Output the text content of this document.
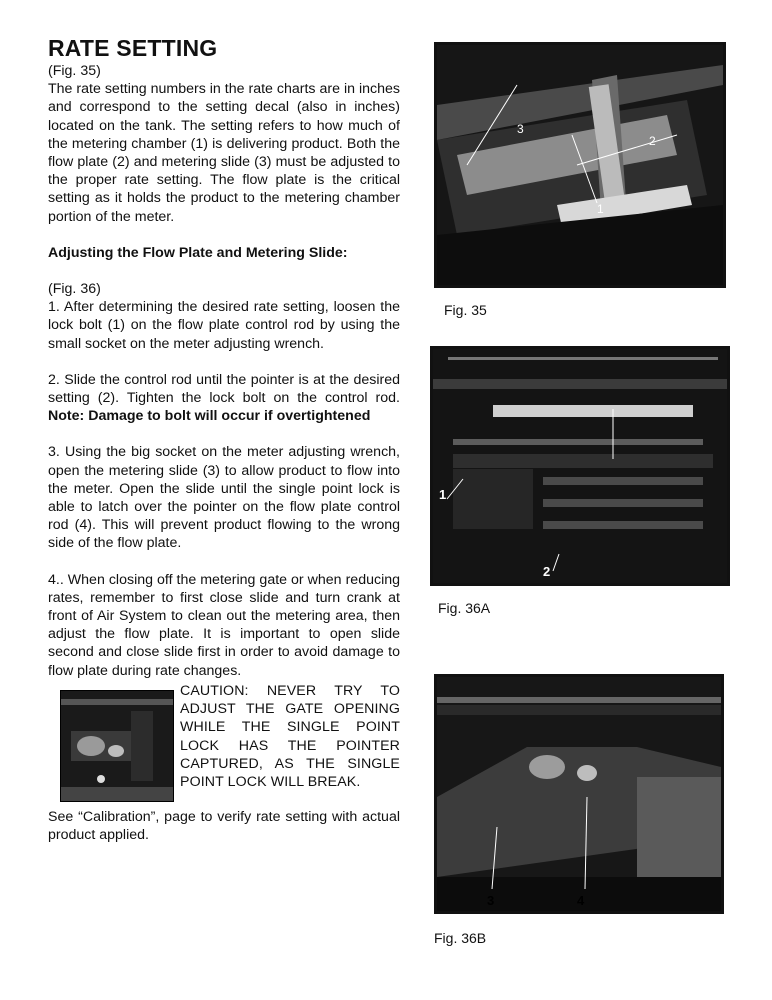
RATE SETTING

(Fig. 35)

The rate setting numbers in the rate charts are in inches and correspond to the setting decal (also in inches) located on the tank. The setting refers to how much of the metering chamber (1) is delivering product. Both the flow plate (2) and metering slide (3) must be adjusted to the proper rate setting. The flow plate is the critical setting as it holds the product to the metering chamber portion of the meter.

Adjusting the Flow Plate and Metering Slide:

(Fig. 36)

1. After determining the desired rate setting, loosen the lock bolt (1) on the flow plate control rod by using the small socket on the meter adjusting wrench.

2. Slide the control rod until the pointer is at the desired setting (2). Tighten the lock bolt on the control rod. Note: Damage to bolt will occur if overtightened

3. Using the big socket on the meter adjusting wrench, open the metering slide (3) to allow product to flow into the meter. Open the slide until the single point lock is able to latch over the pointer on the flow plate control rod (4). This will prevent product flowing to the wrong side of the flow plate.

4.. When closing off the metering gate or when reducing rates, remember to first close slide and turn crank at front of Air System to clean out the metering area, then adjust the flow plate. It is important to open slide second and close slide first in order to avoid damage to flow plate during rate changes.

CAUTION: NEVER TRY TO ADJUST THE GATE OPENING WHILE THE SINGLE POINT LOCK HAS THE POINTER CAPTURED, AS THE SINGLE POINT LOCK WILL BREAK.

See “Calibration”, page to verify rate setting with actual product applied.

3
2
1
Fig. 35
1
2
Fig. 36A
3	4
Fig. 36B
